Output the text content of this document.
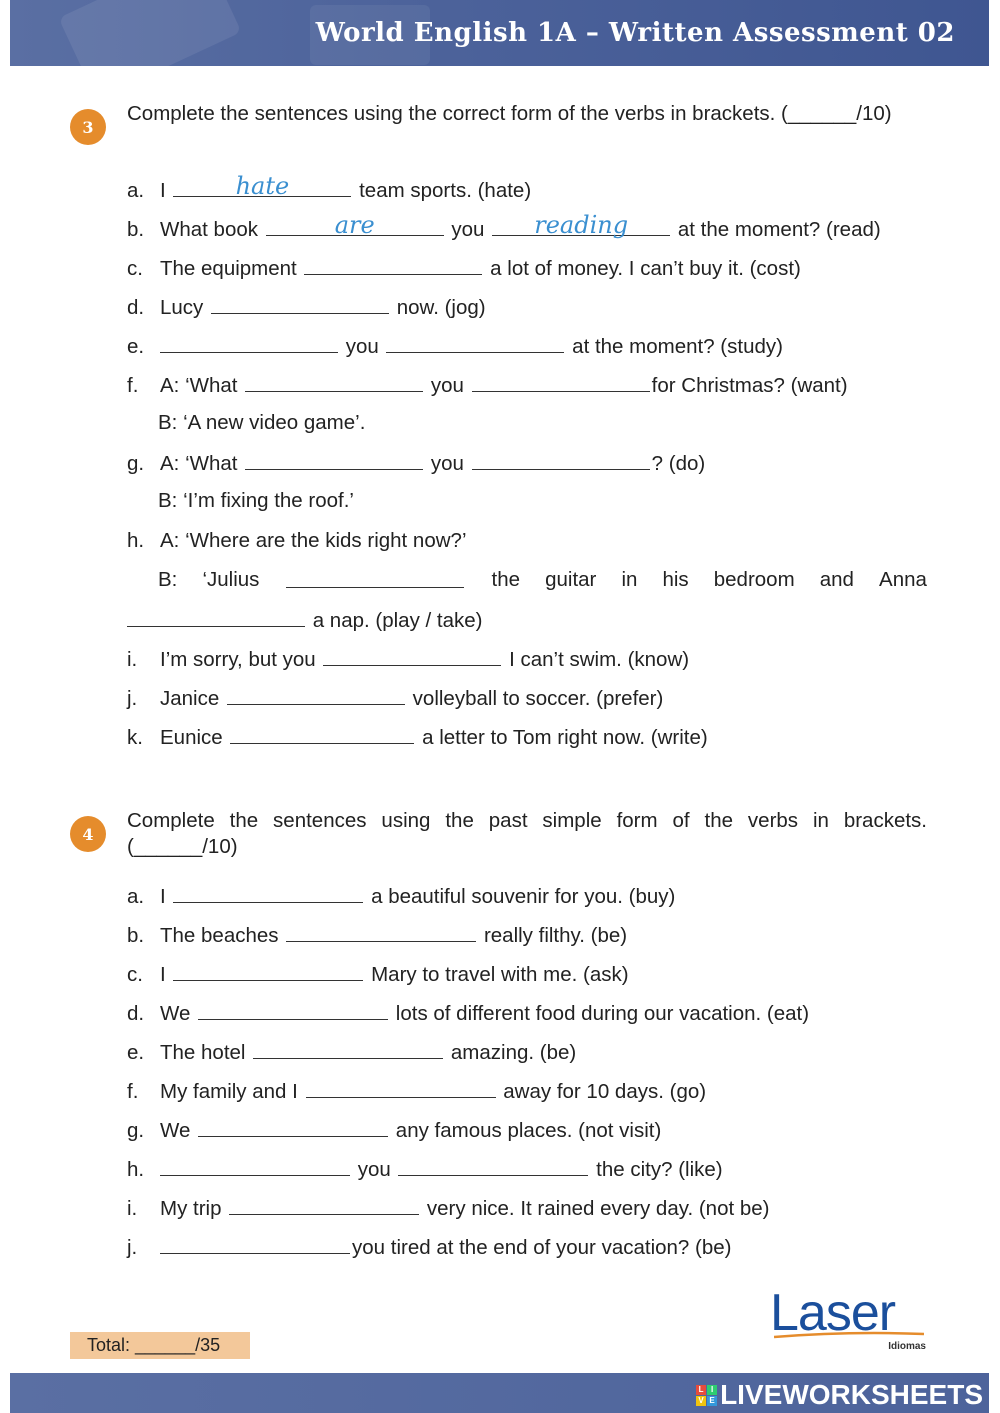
World English 1A – Written Assessment 02
3
Complete the sentences using the correct form of the verbs in brackets. (______/10)
a. I	hate	team sports. (hate)
b. What book	are	you	reading	at the moment? (read)
c. The equipment	a lot of money. I can’t buy it. (cost)
d. Lucy	now. (jog)
e.	you	at the moment? (study)
f. A: ‘What	you	for Christmas? (want)
B: ‘A new video game’.
g. A: ‘What	you	? (do)
B: ‘I’m fixing the roof.’
h. A: ‘Where are the kids right now?’
B: ‘Julius	the guitar in his bedroom and Anna
a nap. (play / take)
i. I’m sorry, but you	I can’t swim. (know)
j. Janice	volleyball to soccer. (prefer)
k. Eunice	a letter to Tom right now. (write)
4
Complete the sentences using the past simple form of the verbs in brackets. (______/10)
a. I	a beautiful souvenir for you. (buy)
b. The beaches	really filthy. (be)
c. I	Mary to travel with me. (ask)
d. We	lots of different food during our vacation. (eat)
e. The hotel	amazing. (be)
f. My family and I	away for 10 days. (go)
g. We	any famous places. (not visit)
h.	you	the city? (like)
i. My trip	very nice. It rained every day. (not be)
j.	you tired at the end of your vacation? (be)
Laser
Idiomas
Total: ______/35
L I
V E LIVEWORKSHEETS
